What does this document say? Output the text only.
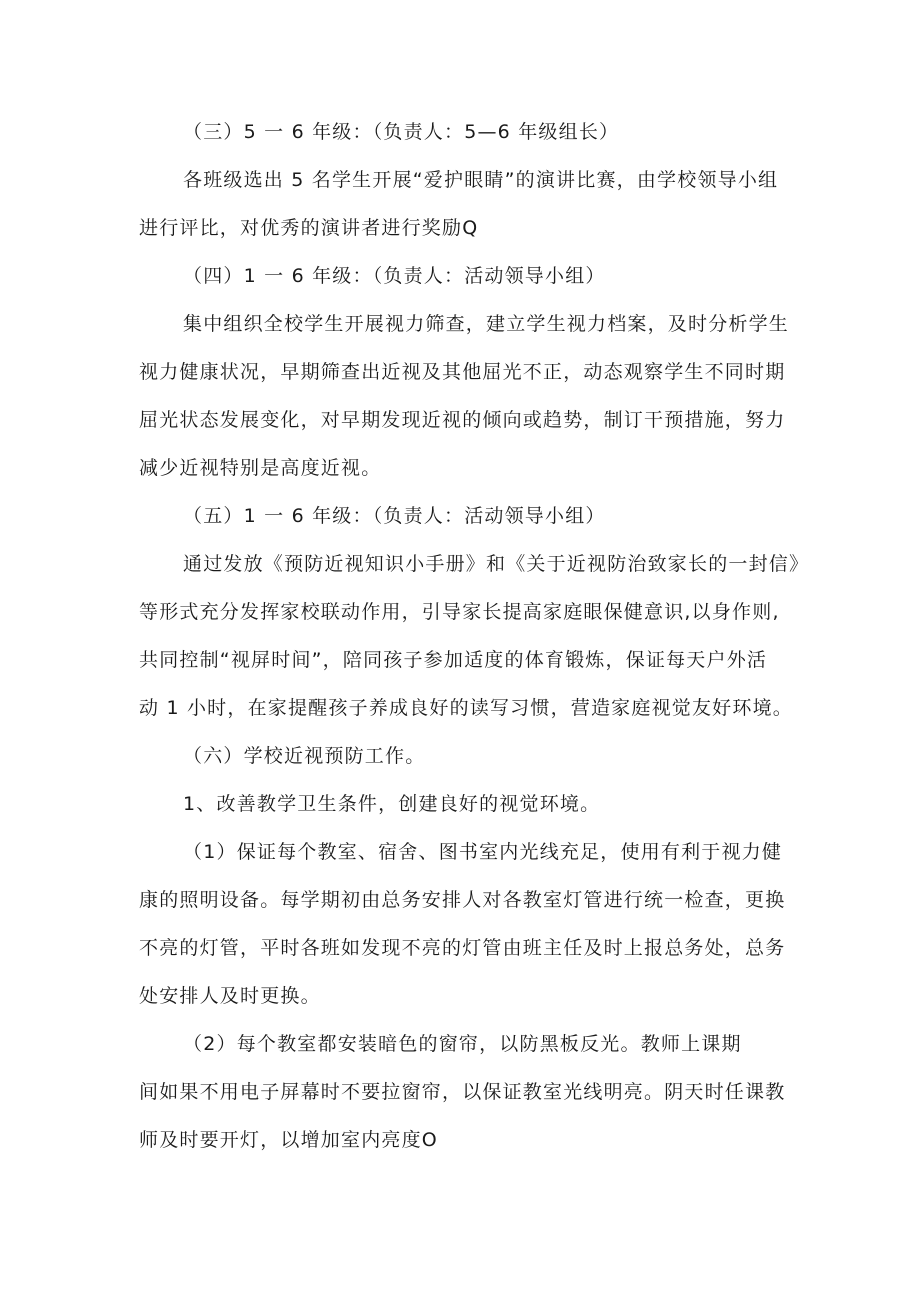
（三）5 一 6 年级：（负责人：5—6 年级组长）
各班级选出 5 名学生开展“爱护眼睛”的演讲比赛，由学校领导小组
进行评比，对优秀的演讲者进行奖励Q
（四）1 一 6 年级：（负责人：活动领导小组）
集中组织全校学生开展视力筛查，建立学生视力档案，及时分析学生
视力健康状况，早期筛查出近视及其他屈光不正，动态观察学生不同时期
屈光状态发展变化，对早期发现近视的倾向或趋势，制订干预措施，努力
减少近视特别是高度近视。
（五）1 一 6 年级：（负责人：活动领导小组）
通过发放《预防近视知识小手册》和《关于近视防治致家长的一封信》
等形式充分发挥家校联动作用，引导家长提高家庭眼保健意识,以身作则,
共同控制“视屏时间”，陪同孩子参加适度的体育锻炼，保证每天户外活
动 1 小时，在家提醒孩子养成良好的读写习惯，营造家庭视觉友好环境。
（六）学校近视预防工作。
1、改善教学卫生条件，创建良好的视觉环境。
（1）保证每个教室、宿舍、图书室内光线充足，使用有利于视力健
康的照明设备。每学期初由总务安排人对各教室灯管进行统一检查，更换
不亮的灯管，平时各班如发现不亮的灯管由班主任及时上报总务处，总务
处安排人及时更换。
（2）每个教室都安装暗色的窗帘，以防黑板反光。教师上课期
间如果不用电子屏幕时不要拉窗帘，以保证教室光线明亮。阴天时任课教
师及时要开灯，以增加室内亮度O
